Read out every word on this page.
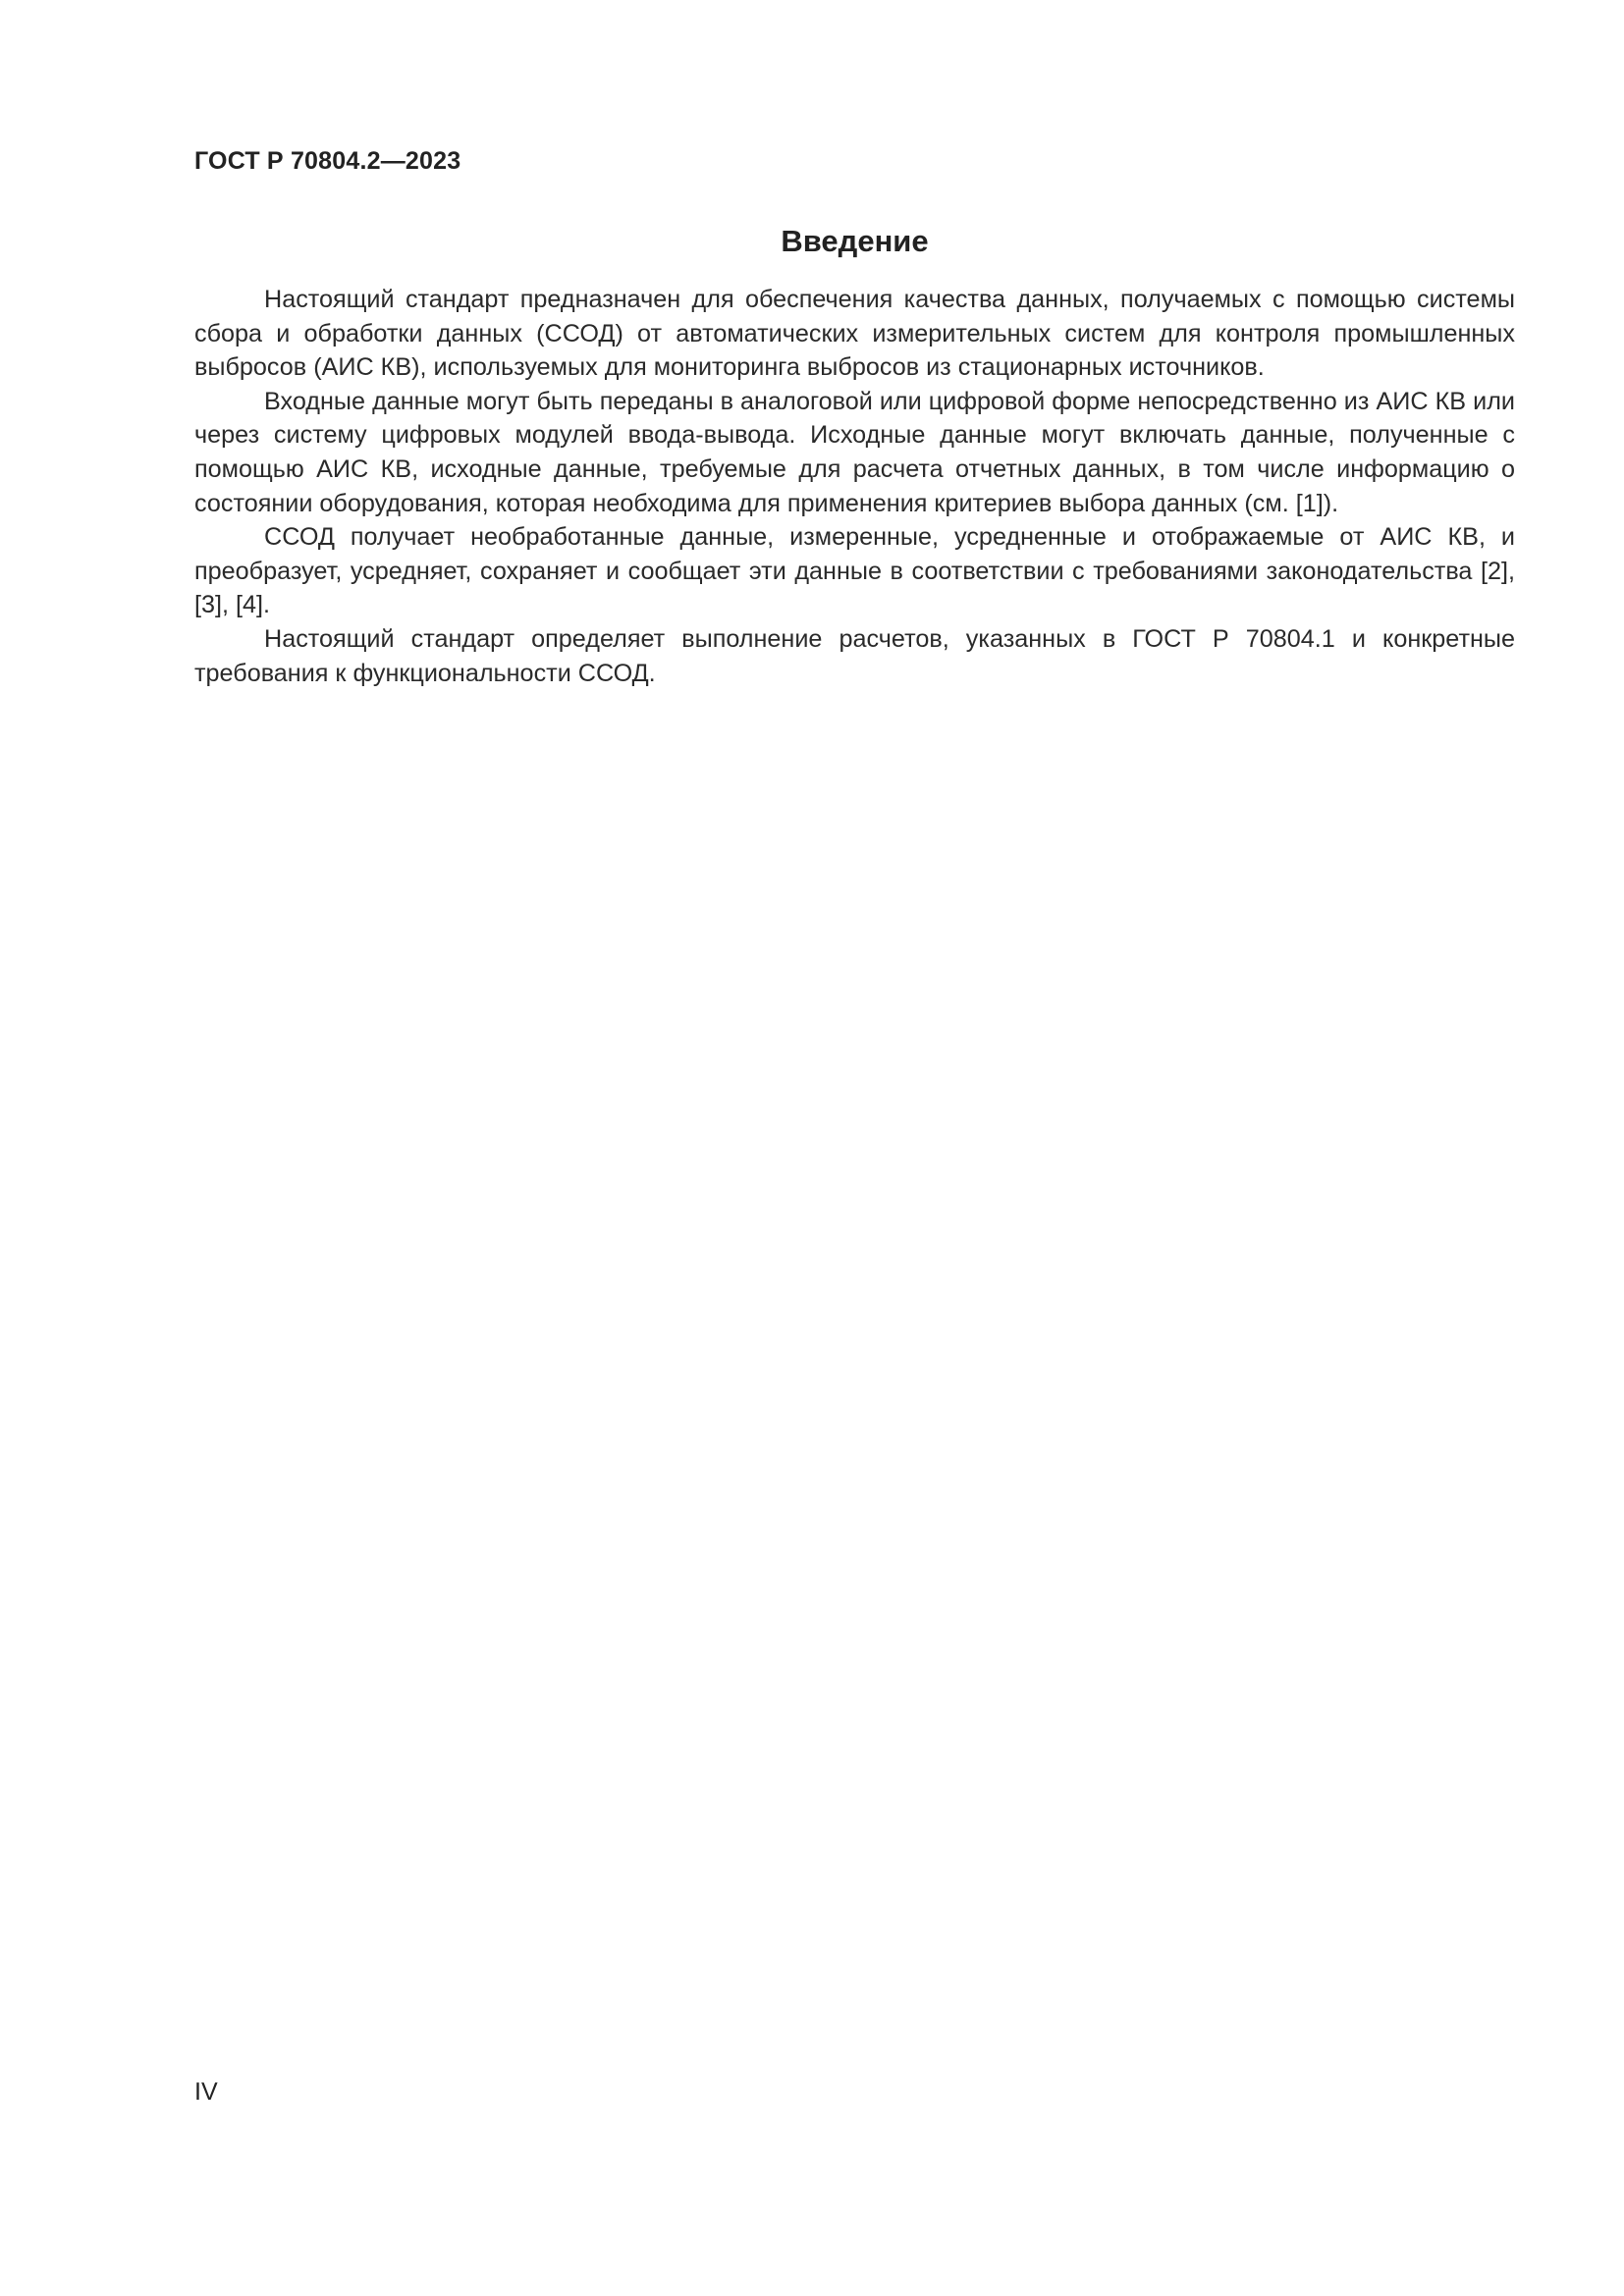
ГОСТ Р 70804.2—2023
Введение

Настоящий стандарт предназначен для обеспечения качества данных, получаемых с помощью системы сбора и обработки данных (ССОД) от автоматических измерительных систем для контроля промышленных выбросов (АИС КВ), используемых для мониторинга выбросов из стационарных источников.

Входные данные могут быть переданы в аналоговой или цифровой форме непосредственно из АИС КВ или через систему цифровых модулей ввода-вывода. Исходные данные могут включать данные, полученные с помощью АИС КВ, исходные данные, требуемые для расчета отчетных данных, в том числе информацию о состоянии оборудования, которая необходима для применения критериев выбора данных (см. [1]).

ССОД получает необработанные данные, измеренные, усредненные и отображаемые от АИС КВ, и преобразует, усредняет, сохраняет и сообщает эти данные в соответствии с требованиями законодательства [2], [3], [4].

Настоящий стандарт определяет выполнение расчетов, указанных в ГОСТ Р 70804.1 и конкретные требования к функциональности ССОД.

IV
